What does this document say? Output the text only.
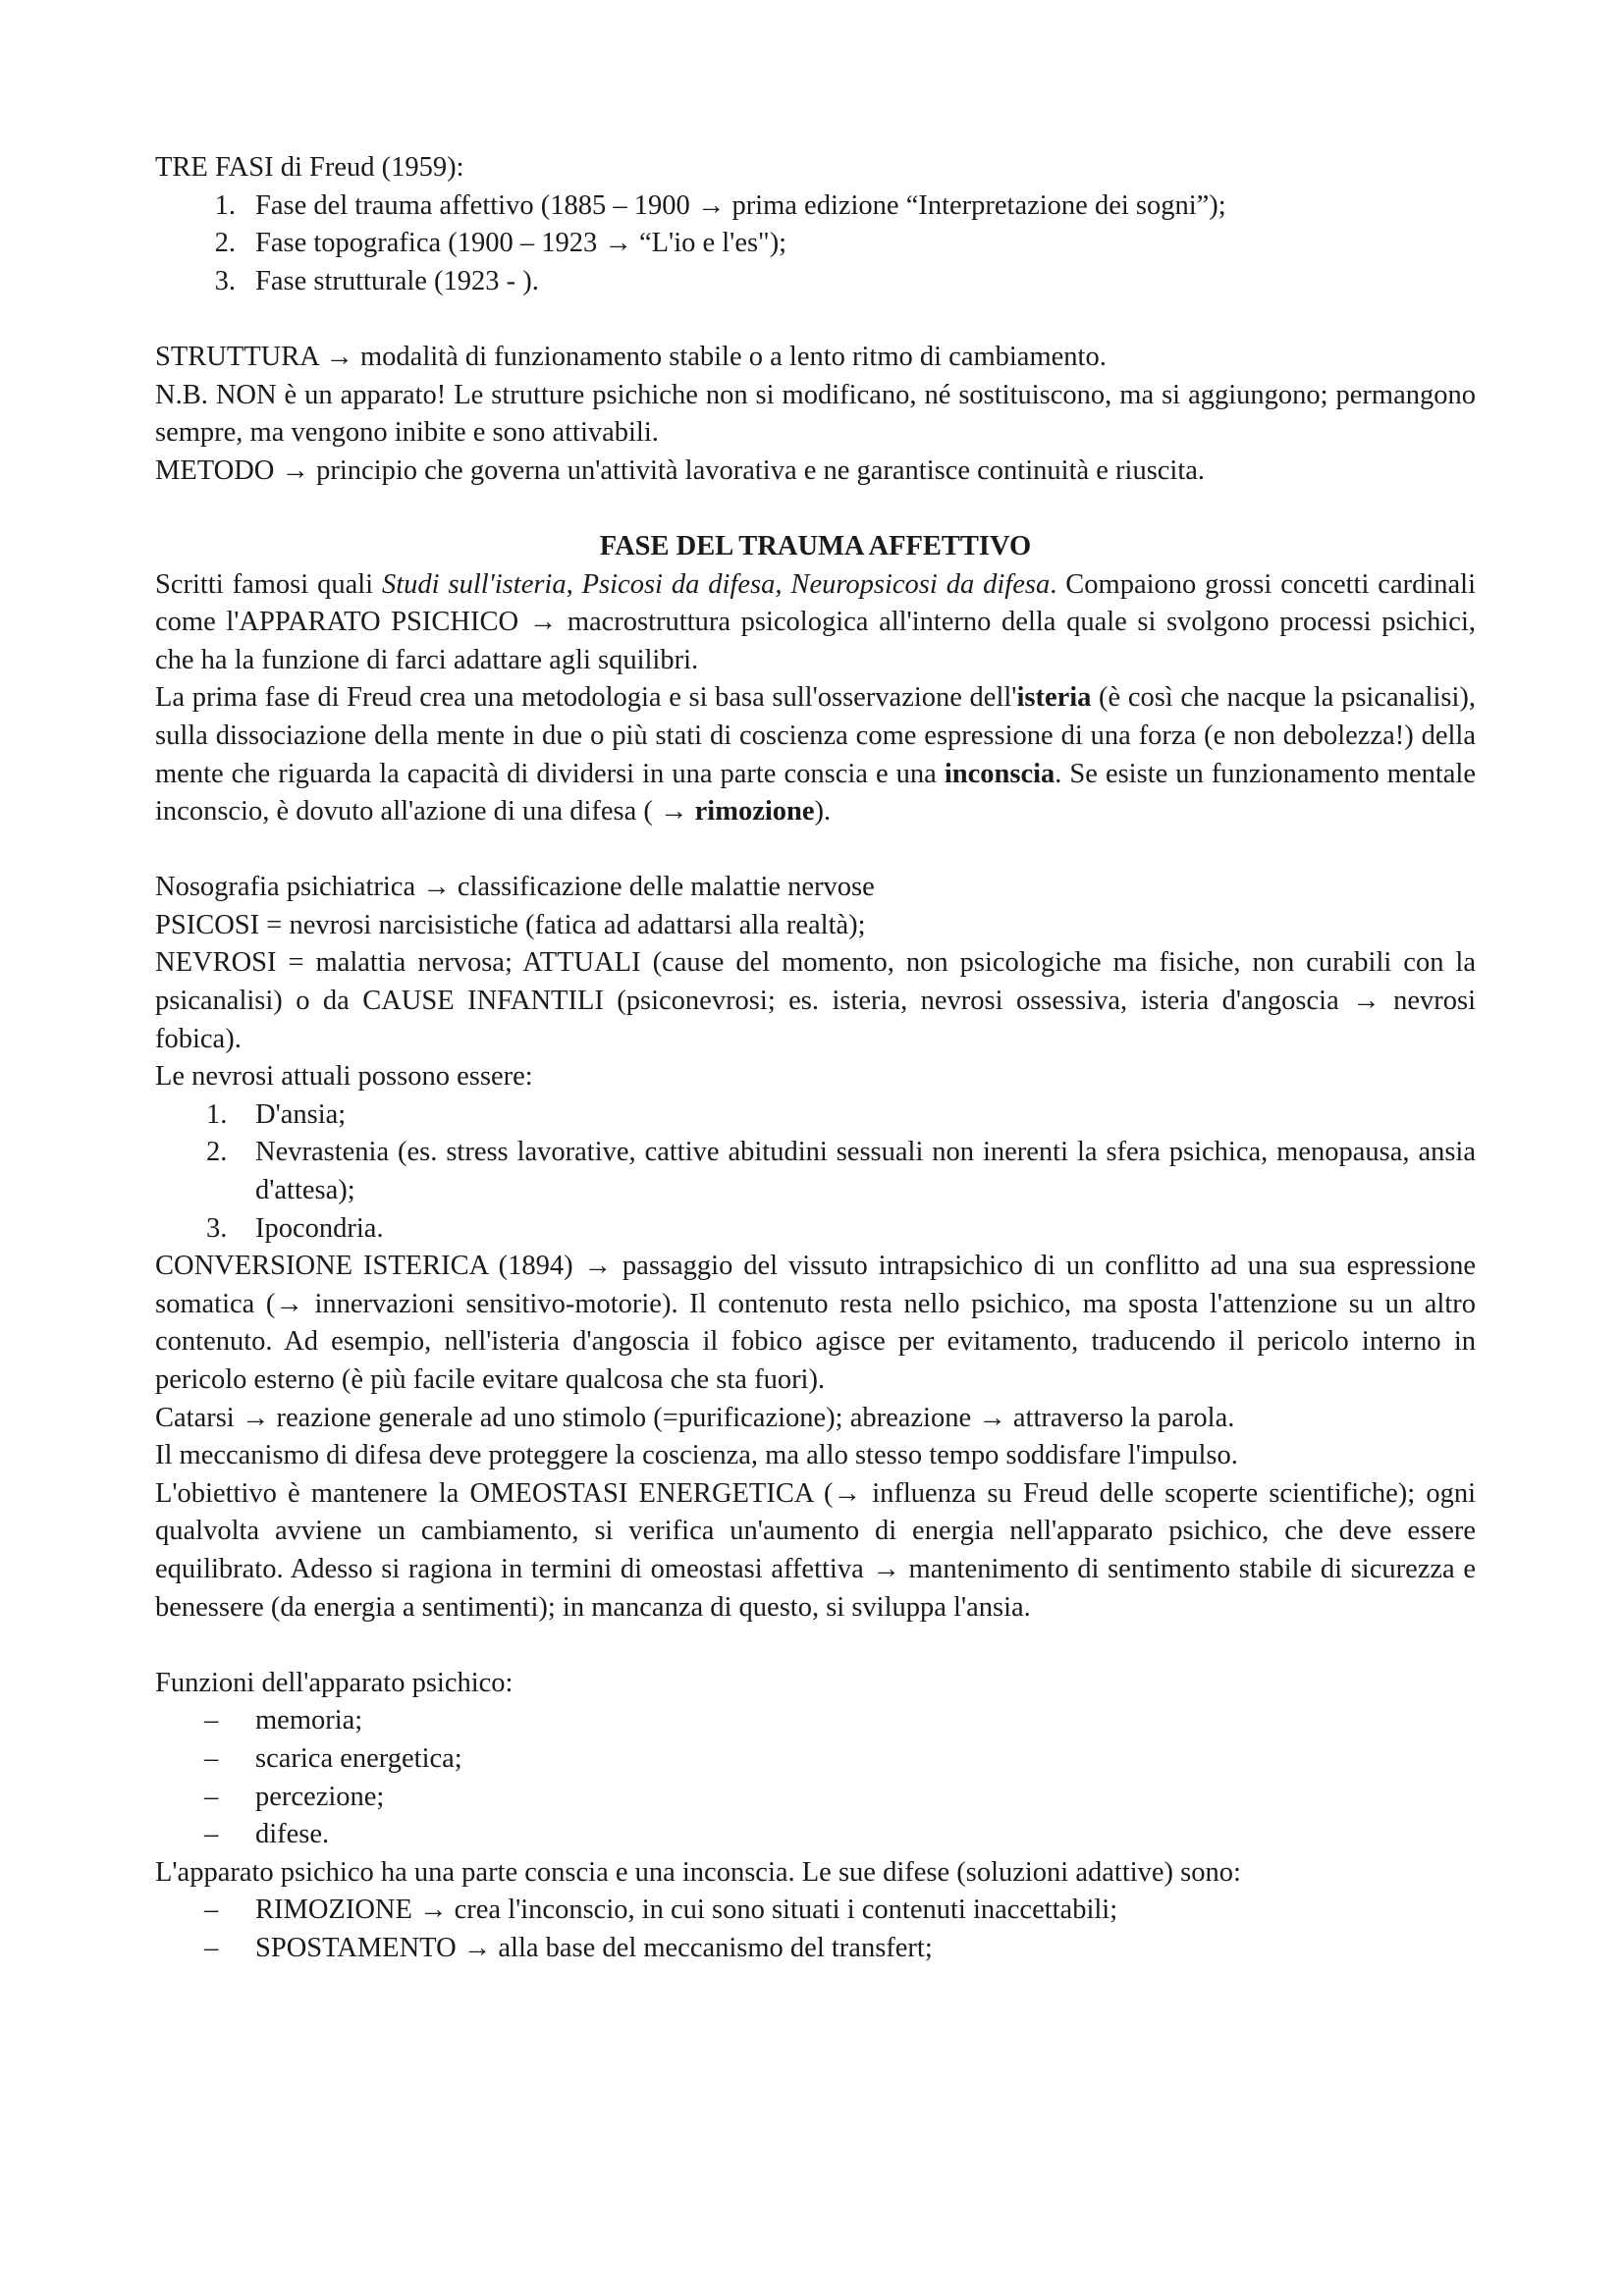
TRE FASI di Freud (1959):

1. Fase del trauma affettivo (1885 – 1900 → prima edizione “Interpretazione dei sogni”);
2. Fase topografica (1900 – 1923 → “L'io e l'es");
3. Fase strutturale (1923 - ).

STRUTTURA → modalità di funzionamento stabile o a lento ritmo di cambiamento.

N.B. NON è un apparato! Le strutture psichiche non si modificano, né sostituiscono, ma si aggiungono; permangono sempre, ma vengono inibite e sono attivabili.

METODO → principio che governa un'attività lavorativa e ne garantisce continuità e riuscita.

FASE DEL TRAUMA AFFETTIVO

Scritti famosi quali Studi sull'isteria, Psicosi da difesa, Neuropsicosi da difesa. Compaiono grossi concetti cardinali come l'APPARATO PSICHICO → macrostruttura psicologica all'interno della quale si svolgono processi psichici, che ha la funzione di farci adattare agli squilibri.

La prima fase di Freud crea una metodologia e si basa sull'osservazione dell'isteria (è così che nacque la psicanalisi), sulla dissociazione della mente in due o più stati di coscienza come espressione di una forza (e non debolezza!) della mente che riguarda la capacità di dividersi in una parte conscia e una inconscia. Se esiste un funzionamento mentale inconscio, è dovuto all'azione di una difesa ( → rimozione).

Nosografia psichiatrica → classificazione delle malattie nervose

PSICOSI = nevrosi narcisistiche (fatica ad adattarsi alla realtà);

NEVROSI = malattia nervosa; ATTUALI (cause del momento, non psicologiche ma fisiche, non curabili con la psicanalisi) o da CAUSE INFANTILI (psiconevrosi; es. isteria, nevrosi ossessiva, isteria d'angoscia → nevrosi fobica).

Le nevrosi attuali possono essere:

1.	D'ansia;
2.	Nevrastenia (es. stress lavorative, cattive abitudini sessuali non inerenti la sfera psichica, menopausa, ansia d'attesa);
3.	Ipocondria.

CONVERSIONE ISTERICA (1894) → passaggio del vissuto intrapsichico di un conflitto ad una sua espressione somatica (→ innervazioni sensitivo-motorie). Il contenuto resta nello psichico, ma sposta l'attenzione su un altro contenuto. Ad esempio, nell'isteria d'angoscia il fobico agisce per evitamento, traducendo il pericolo interno in pericolo esterno (è più facile evitare qualcosa che sta fuori).

Catarsi → reazione generale ad uno stimolo (=purificazione); abreazione → attraverso la parola.

Il meccanismo di difesa deve proteggere la coscienza, ma allo stesso tempo soddisfare l'impulso.

L'obiettivo è mantenere la OMEOSTASI ENERGETICA (→ influenza su Freud delle scoperte scientifiche); ogni qualvolta avviene un cambiamento, si verifica un'aumento di energia nell'apparato psichico, che deve essere equilibrato. Adesso si ragiona in termini di omeostasi affettiva → mantenimento di sentimento stabile di sicurezza e benessere (da energia a sentimenti); in mancanza di questo, si sviluppa l'ansia.

Funzioni dell'apparato psichico:

– memoria;
– scarica energetica;
– percezione;
– difese.

L'apparato psichico ha una parte conscia e una inconscia. Le sue difese (soluzioni adattive) sono:

– RIMOZIONE → crea l'inconscio, in cui sono situati i contenuti inaccettabili;
– SPOSTAMENTO → alla base del meccanismo del transfert;
